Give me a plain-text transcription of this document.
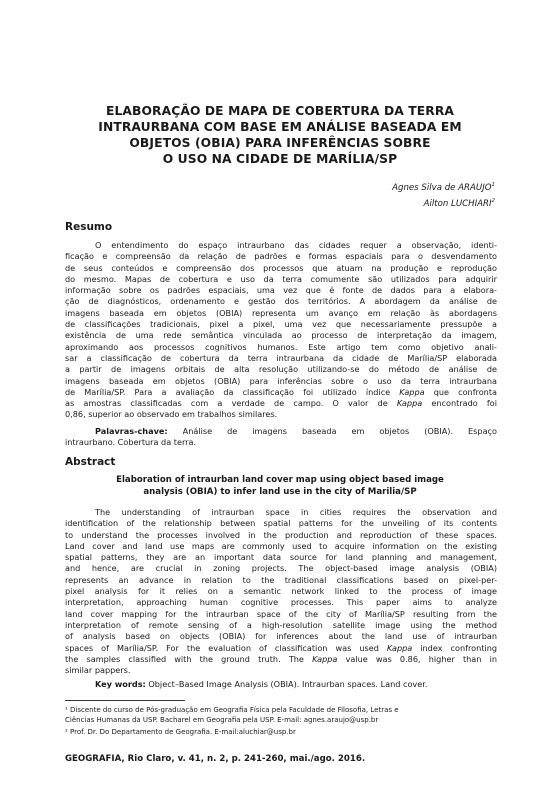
ELABORAÇÃO DE MAPA DE COBERTURA DA TERRA
INTRAURBANA COM BASE EM ANÁLISE BASEADA EM
OBJETOS (OBIA) PARA INFERÊNCIAS SOBRE
O USO NA CIDADE DE MARÍLIA/SP
Agnes Silva de ARAUJO$^1$
Ailton LUCHIARI$^2$
Resumo
O entendimento do espaço intraurbano das cidades requer a observação, identi-
ficação e compreensão da relação de padrões e formas espaciais para o desvendamento
de seus conteúdos e compreensão dos processos que atuam na produção e reprodução
do mesmo. Mapas de cobertura e uso da terra comumente são utilizados para adquirir
informação sobre os padrões espaciais, uma vez que é fonte de dados para a elabora-
ção de diagnósticos, ordenamento e gestão dos territórios. A abordagem da análise de
imagens baseada em objetos (OBIA) representa um avanço em relação às abordagens
de classificações tradicionais, pixel a pixel, uma vez que necessariamente pressupõe a
existência de uma rede semântica vinculada ao processo de interpretação da imagem,
aproximando aos processos cognitivos humanos. Este artigo tem como objetivo anali-
sar a classificação de cobertura da terra intraurbana da cidade de Marília/SP elaborada
a partir de imagens orbitais de alta resolução utilizando-se do método de análise de
imagens baseada em objetos (OBIA) para inferências sobre o uso da terra intraurbana
de Marília/SP. Para a avaliação da classificação foi utilizado índice Kappa que confronta
as amostras classificadas com a verdade de campo. O valor de Kappa encontrado foi
0,86, superior ao observado em trabalhos similares.
Palavras-chave: Análise de imagens baseada em objetos (OBIA). Espaço
intraurbano. Cobertura da terra.
Abstract
Elaboration of intraurban land cover map using object based image
analysis (OBIA) to infer land use in the city of Marilia/SP
The understanding of intraurban space in cities requires the observation and
identification of the relationship between spatial patterns for the unveiling of its contents
to understand the processes involved in the production and reproduction of these spaces.
Land cover and land use maps are commonly used to acquire information on the existing
spatial patterns, they are an important data source for land planning and management,
and hence, are crucial in zoning projects. The object-based image analysis (OBIA)
represents an advance in relation to the traditional classifications based on pixel-per-
pixel analysis for it relies on a semantic network linked to the process of image
interpretation, approaching human cognitive processes. This paper aims to analyze
land cover mapping for the intraurban space of the city of Marília/SP resulting from the
interpretation of remote sensing of a high-resolution satellite image using the method
of analysis based on objects (OBIA) for inferences about the land use of intraurban
spaces of Marília/SP. For the evaluation of classification was used Kappa index confronting
the samples classified with the ground truth. The Kappa value was 0.86, higher than in
similar pappers.
Key words: Object–Based Image Analysis (OBIA). Intraurban spaces. Land cover.
¹ Discente do curso de Pós-graduação em Geografia Física pela Faculdade de Filosofia, Letras e
Ciências Humanas da USP. Bacharel em Geografia pela USP. E-mail: agnes.araujo@usp.br
² Prof. Dr. Do Departamento de Geografia. E-mail:aluchiar@usp.br
GEOGRAFIA, Rio Claro, v. 41, n. 2, p. 241-260, mai./ago. 2016.
